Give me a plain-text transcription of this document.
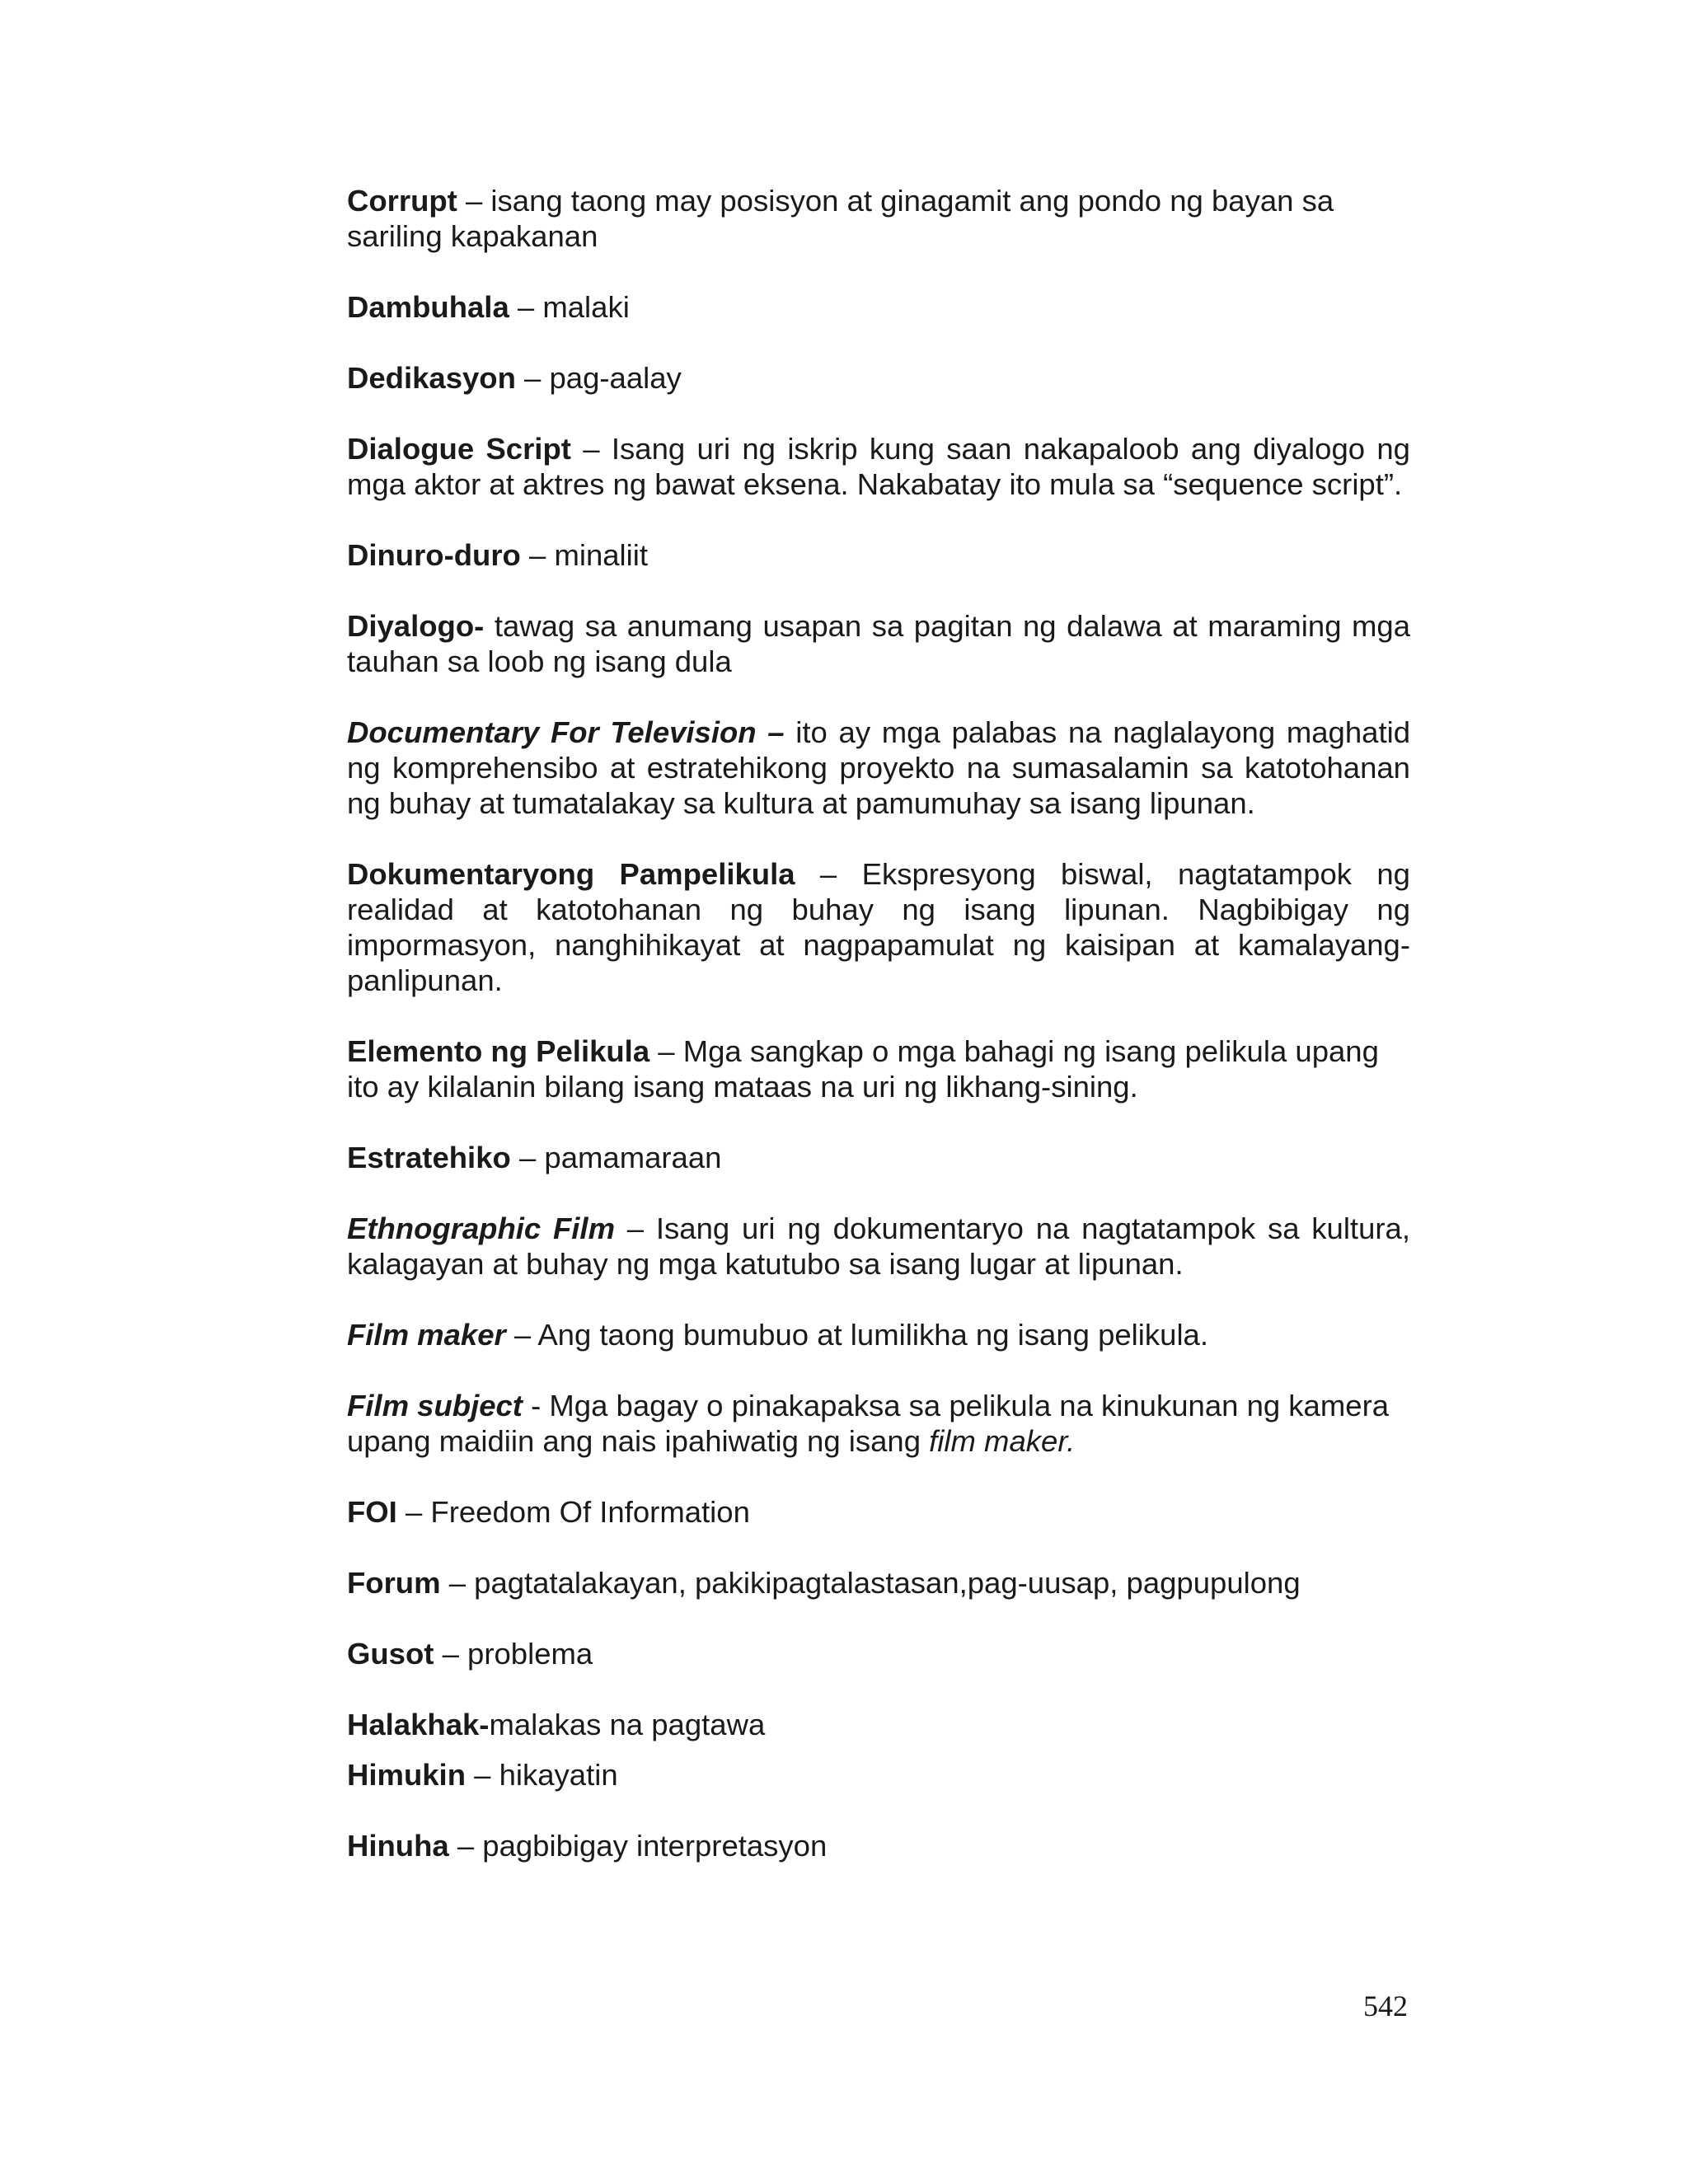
Corrupt – isang taong may posisyon at ginagamit ang pondo ng bayan sa sariling kapakanan

Dambuhala – malaki

Dedikasyon – pag-aalay

Dialogue Script – Isang uri ng iskrip kung saan nakapaloob ang diyalogo ng mga aktor at aktres ng bawat eksena. Nakabatay ito mula sa “sequence script”.

Dinuro-duro – minaliit

Diyalogo- tawag sa anumang usapan sa pagitan ng dalawa at maraming mga tauhan sa loob ng isang dula

Documentary For Television – ito ay mga palabas na naglalayong maghatid ng komprehensibo at estratehikong proyekto na sumasalamin sa katotohanan ng buhay at tumatalakay sa kultura at pamumuhay sa isang lipunan.

Dokumentaryong Pampelikula – Ekspresyong biswal, nagtatampok ng realidad at katotohanan ng buhay ng isang lipunan. Nagbibigay ng impormasyon, nanghihikayat at nagpapamulat ng kaisipan at kamalayang-panlipunan.

Elemento ng Pelikula – Mga sangkap o mga bahagi ng isang pelikula upang ito ay kilalanin bilang isang mataas na uri ng likhang-sining.

Estratehiko – pamamaraan

Ethnographic Film – Isang uri ng dokumentaryo na nagtatampok sa kultura, kalagayan at buhay ng mga katutubo sa isang lugar at lipunan.

Film maker – Ang taong bumubuo at lumilikha ng isang pelikula.

Film subject - Mga bagay o pinakapaksa sa pelikula na kinukunan ng kamera upang maidiin ang nais ipahiwatig ng isang film maker.

FOI – Freedom Of Information

Forum – pagtatalakayan, pakikipagtalastasan,pag-uusap, pagpupulong

Gusot – problema

Halakhak-malakas na pagtawa

Himukin – hikayatin

Hinuha – pagbibigay interpretasyon

542
